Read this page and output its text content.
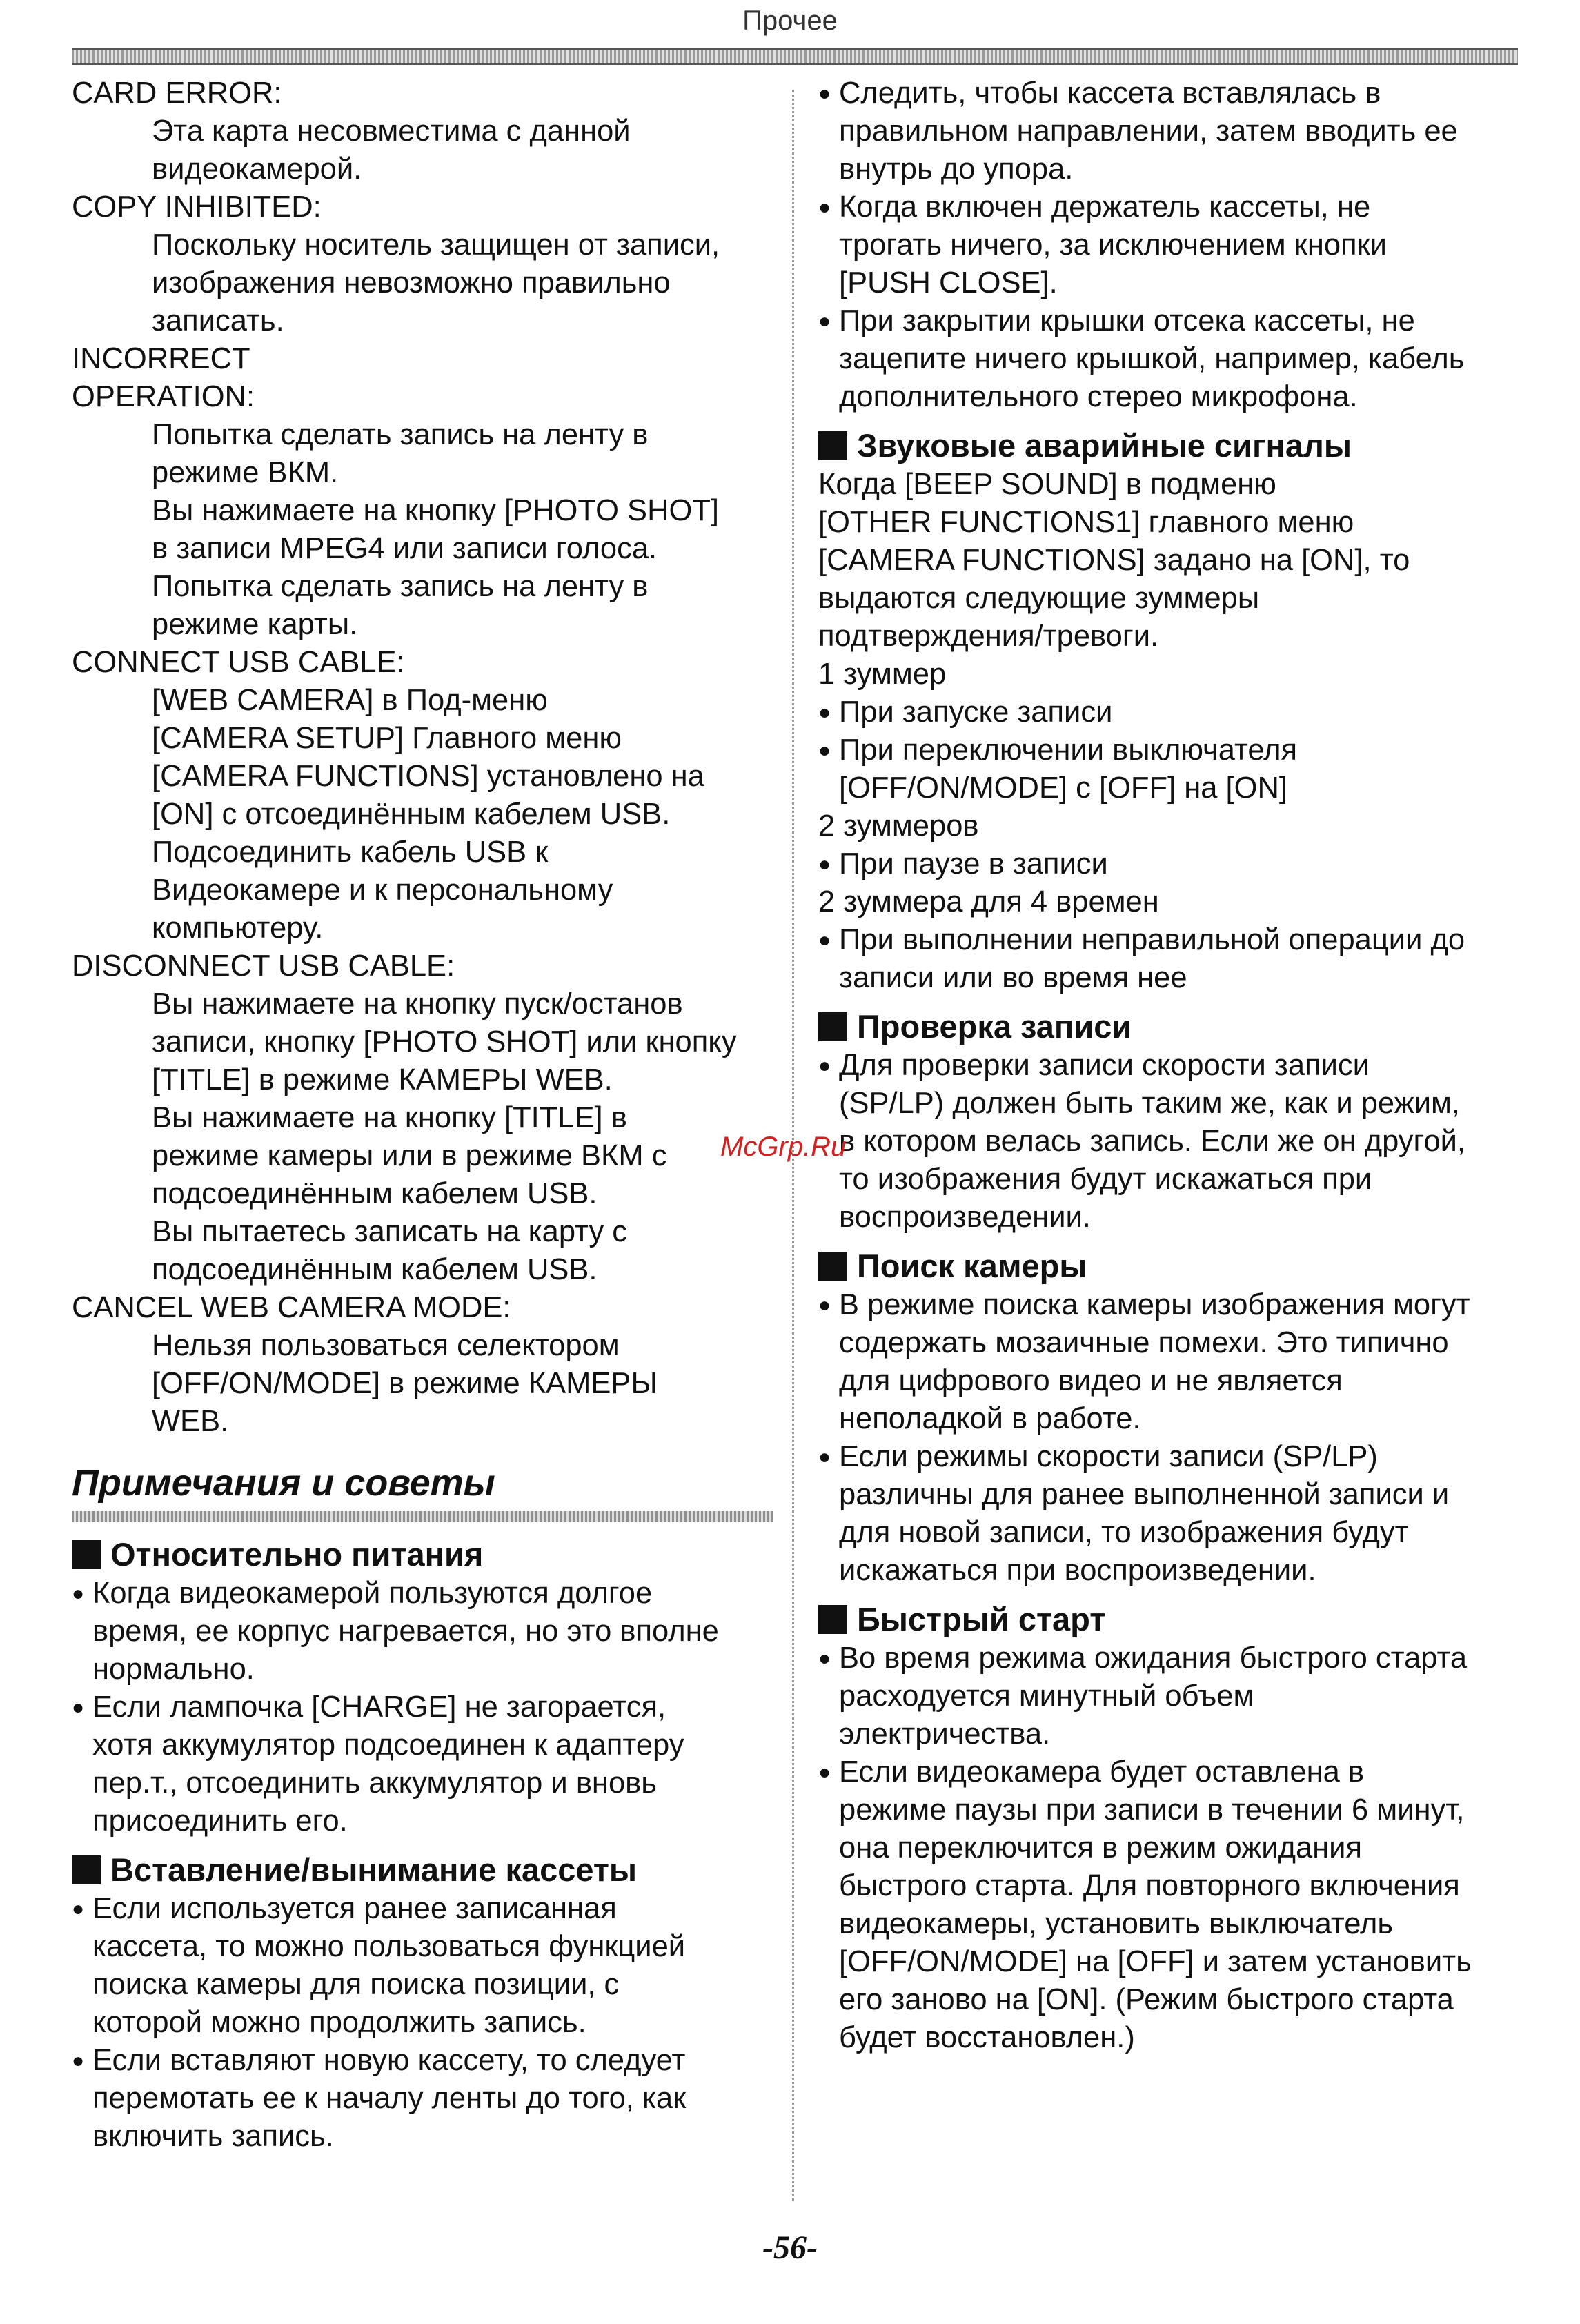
Прочее

CARD ERROR:

Эта карта несовместима с данной

видеокамерой.

COPY INHIBITED:

Поскольку носитель защищен от записи,

изображения невозможно правильно

записать.

INCORRECT

OPERATION:

Попытка сделать запись на ленту в

режиме ВКМ.

Вы нажимаете на кнопку [PHOTO SHOT]

в записи MPEG4 или записи голоса.

Попытка сделать запись на ленту в

режиме карты.

CONNECT USB CABLE:

[WEB CAMERA] в Под-меню

[CAMERA SETUP] Главного меню

[CAMERA FUNCTIONS] установлено на

[ON] с отсоединённым кабелем USB.

Подсоединить кабель USB к

Видеокамере и к персональному

компьютеру.

DISCONNECT USB CABLE:

Вы нажимаете на кнопку пуск/останов

записи, кнопку [PHOTO SHOT] или кнопку

[TITLE] в режиме КАМЕРЫ WEB.

Вы нажимаете на кнопку [TITLE] в

режиме камеры или в режиме ВКМ с

подсоединённым кабелем USB.

Вы пытаетесь записать на карту с

подсоединённым кабелем USB.

CANCEL WEB CAMERA MODE:

Нельзя пользоваться селектором

[OFF/ON/MODE] в режиме КАМЕРЫ

WEB.

Примечания и советы

Относительно питания

● Когда видеокамерой пользуются долгое

время, ее корпус нагревается, но это вполне

нормально.

● Если лампочка [CHARGE] не загорается,

хотя аккумулятор подсоединен к адаптеру

пер.т., отсоединить аккумулятор и вновь

присоединить его.

Вставление/вынимание кассеты

● Если используется ранее записанная

кассета, то можно пользоваться функцией

поиска камеры для поиска позиции, с

которой можно продолжить запись.

● Если вставляют новую кассету, то следует

перемотать ее к началу ленты до того, как

включить запись.

● Следить, чтобы кассета вставлялась в

правильном направлении, затем вводить ее

внутрь до упора.

● Когда включен держатель кассеты, не

трогать ничего, за исключением кнопки

[PUSH CLOSE].

● При закрытии крышки отсека кассеты, не

зацепите ничего крышкой, например, кабель

дополнительного стерео микрофона.

Звуковые аварийные сигналы

Когда [BEEP SOUND] в подменю

[OTHER FUNCTIONS1] главного меню

[CAMERA FUNCTIONS] задано на [ON], то

выдаются следующие зуммеры

подтверждения/тревоги.

1 зуммер

● При запуске записи

● При переключении выключателя

[OFF/ON/MODE] с [OFF] на [ON]

2 зуммеров

● При паузе в записи

2 зуммера для 4 времен

● При выполнении неправильной операции до

записи или во время нее

Проверка записи

● Для проверки записи скорости записи

(SP/LP) должен быть таким же, как и режим,

в котором велась запись. Если же он другой,

то изображения будут искажаться при

воспроизведении.

Поиск камеры

● В режиме поиска камеры изображения могут

содержать мозаичные помехи. Это типично

для цифрового видео и не является

неполадкой в работе.

● Если режимы скорости записи (SP/LP)

различны для ранее выполненной записи и

для новой записи, то изображения будут

искажаться при воспроизведении.

Быстрый старт

● Во время режима ожидания быстрого старта

расходуется минутный объем

электричества.

● Если видеокамера будет оставлена в

режиме паузы при записи в течении 6 минут,

она переключится в режим ожидания

быстрого старта. Для повторного включения

видеокамеры, установить выключатель

[OFF/ON/MODE] на [OFF] и затем установить

его заново на [ON]. (Режим быстрого старта

будет восстановлен.)

McGrp.Ru
-56-
